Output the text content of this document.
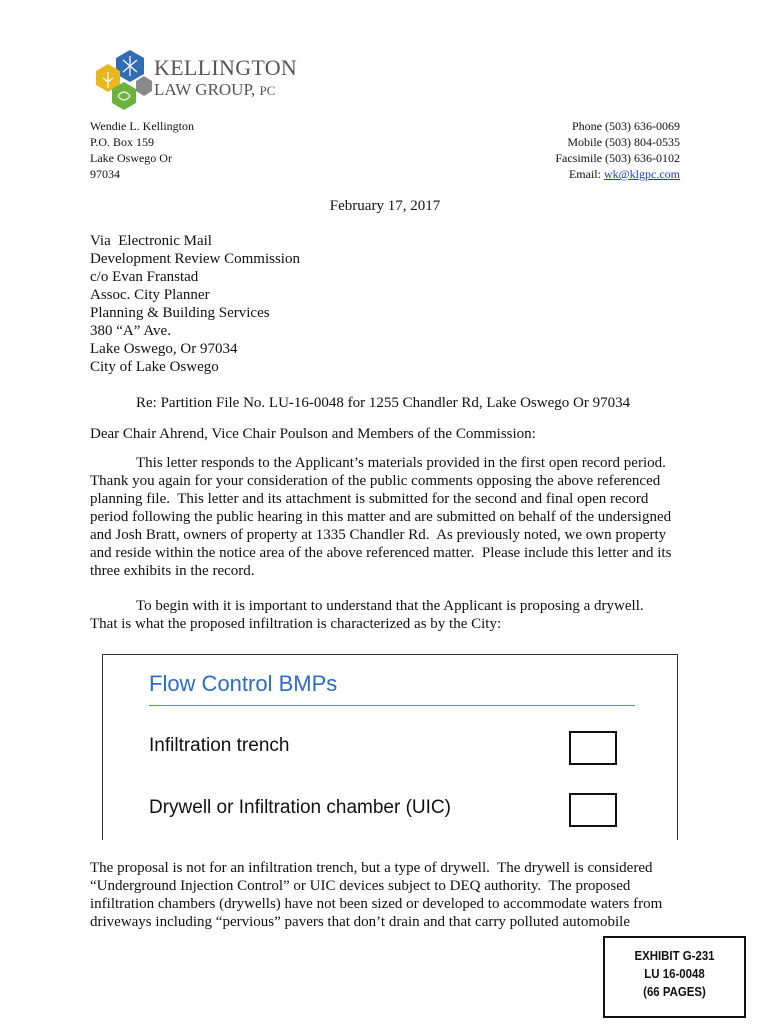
KELLINGTON
LAW GROUP, PC
Wendie L. Kellington
P.O. Box 159
Lake Oswego Or
97034
Phone (503) 636-0069
Mobile (503) 804-0535
Facsimile (503) 636-0102
Email: wk@klgpc.com
February 17, 2017
Via  Electronic Mail
Development Review Commission
c/o Evan Franstad
Assoc. City Planner
Planning & Building Services
380 “A” Ave.
Lake Oswego, Or 97034
City of Lake Oswego
Re: Partition File No. LU-16-0048 for 1255 Chandler Rd, Lake Oswego Or 97034
Dear Chair Ahrend, Vice Chair Poulson and Members of the Commission:
This letter responds to the Applicant’s materials provided in the first open record period.
Thank you again for your consideration of the public comments opposing the above referenced
planning file.  This letter and its attachment is submitted for the second and final open record
period following the public hearing in this matter and are submitted on behalf of the undersigned
and Josh Bratt, owners of property at 1335 Chandler Rd.  As previously noted, we own property
and reside within the notice area of the above referenced matter.  Please include this letter and its
three exhibits in the record.
To begin with it is important to understand that the Applicant is proposing a drywell.
That is what the proposed infiltration is characterized as by the City:
Flow Control BMPs
Infiltration trench
Drywell or Infiltration chamber (UIC)
The proposal is not for an infiltration trench, but a type of drywell.  The drywell is considered
“Underground Injection Control” or UIC devices subject to DEQ authority.  The proposed
infiltration chambers (drywells) have not been sized or developed to accommodate waters from
driveways including “pervious” pavers that don’t drain and that carry polluted automobile
EXHIBIT G-231
LU 16-0048
(66 PAGES)
